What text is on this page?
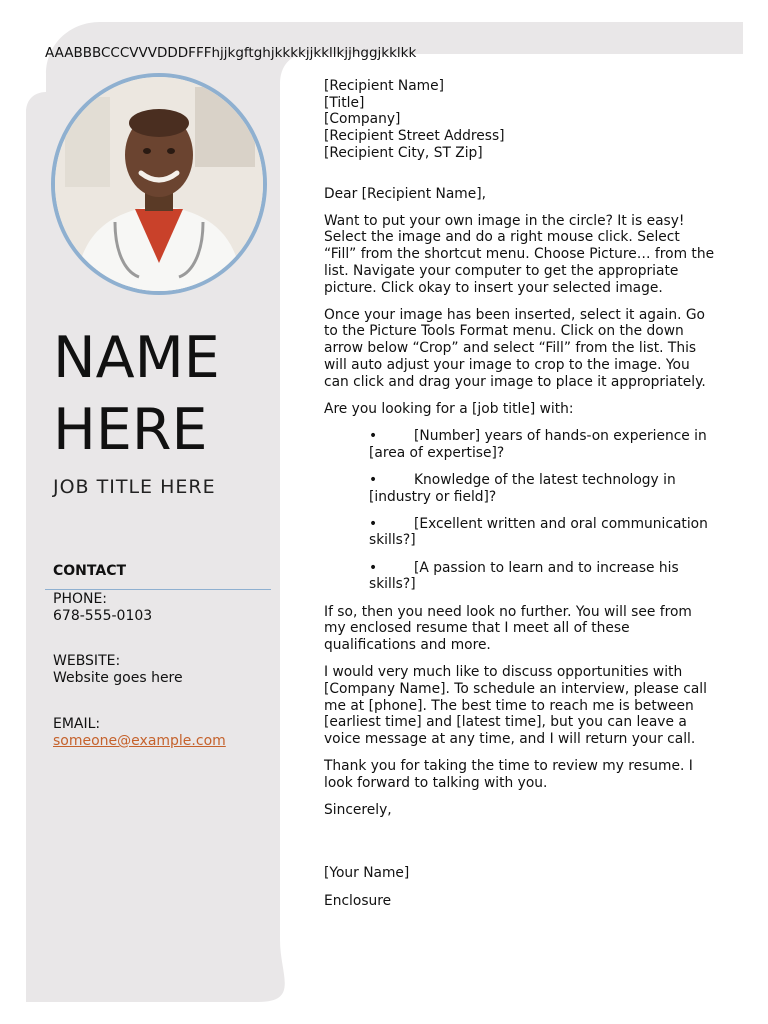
AAABBBCCCVVVDDDFFFhjjkgftghjkkkkjjkkllkjjhggjkklkk
NAME
HERE
JOB TITLE HERE
CONTACT
PHONE:
678-555-0103
WEBSITE:
Website goes here
EMAIL:
someone@example.com
[Recipient Name]
[Title]
[Company]
[Recipient Street Address]
[Recipient City, ST Zip]

Dear [Recipient Name],

Want to put your own image in the circle? It is easy! Select the image and do a right mouse click. Select “Fill” from the shortcut menu. Choose Picture… from the list. Navigate your computer to get the appropriate picture. Click okay to insert your selected image.

Once your image has been inserted, select it again. Go to the Picture Tools Format menu. Click on the down arrow below “Crop” and select “Fill” from the list. This will auto adjust your image to crop to the image. You can click and drag your image to place it appropriately.

Are you looking for a [job title] with:

•	[Number] years of hands-on experience in [area of expertise]?
•	Knowledge of the latest technology in [industry or field]?
•	[Excellent written and oral communication skills?]
•	[A passion to learn and to increase his skills?]

If so, then you need look no further. You will see from my enclosed resume that I meet all of these qualifications and more.

I would very much like to discuss opportunities with [Company Name]. To schedule an interview, please call me at [phone]. The best time to reach me is between [earliest time] and [latest time], but you can leave a voice message at any time, and I will return your call.

Thank you for taking the time to review my resume. I look forward to talking with you.

Sincerely,

[Your Name]

Enclosure
